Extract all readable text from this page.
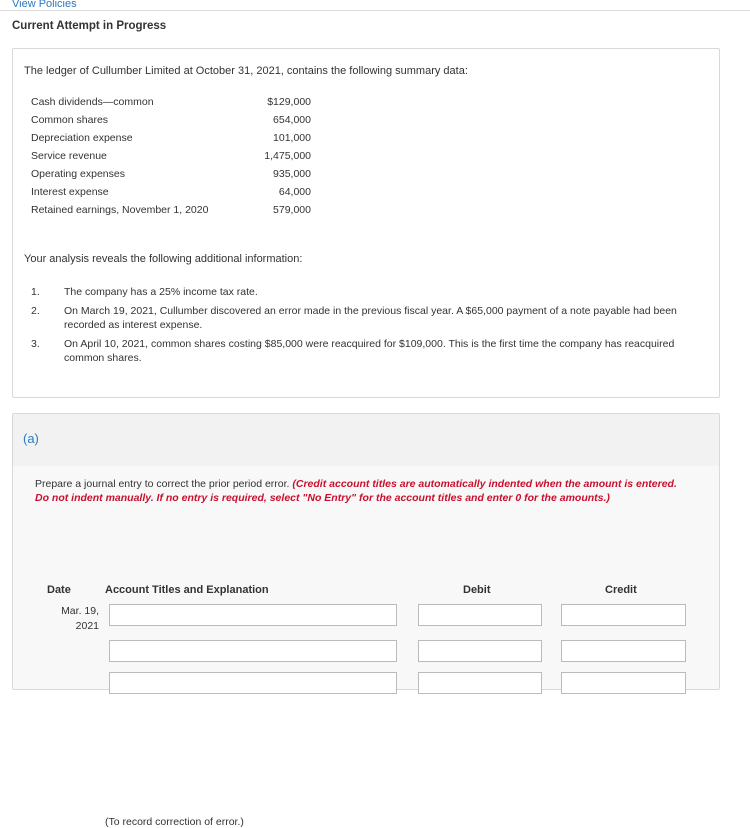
View Policies
Current Attempt in Progress
The ledger of Cullumber Limited at October 31, 2021, contains the following summary data:
Cash dividends—common	$129,000
Common shares	654,000
Depreciation expense	101,000
Service revenue	1,475,000
Operating expenses	935,000
Interest expense	64,000
Retained earnings, November 1, 2020	579,000
Your analysis reveals the following additional information:
1. The company has a 25% income tax rate.
2. On March 19, 2021, Cullumber discovered an error made in the previous fiscal year. A $65,000 payment of a note payable had been recorded as interest expense.
3. On April 10, 2021, common shares costing $85,000 were reacquired for $109,000. This is the first time the company has reacquired common shares.
(a)
Prepare a journal entry to correct the prior period error. (Credit account titles are automatically indented when the amount is entered. Do not indent manually. If no entry is required, select "No Entry" for the account titles and enter 0 for the amounts.)
Date	Account Titles and Explanation	Debit	Credit
Mar. 19,
2021
(To record correction of error.)
